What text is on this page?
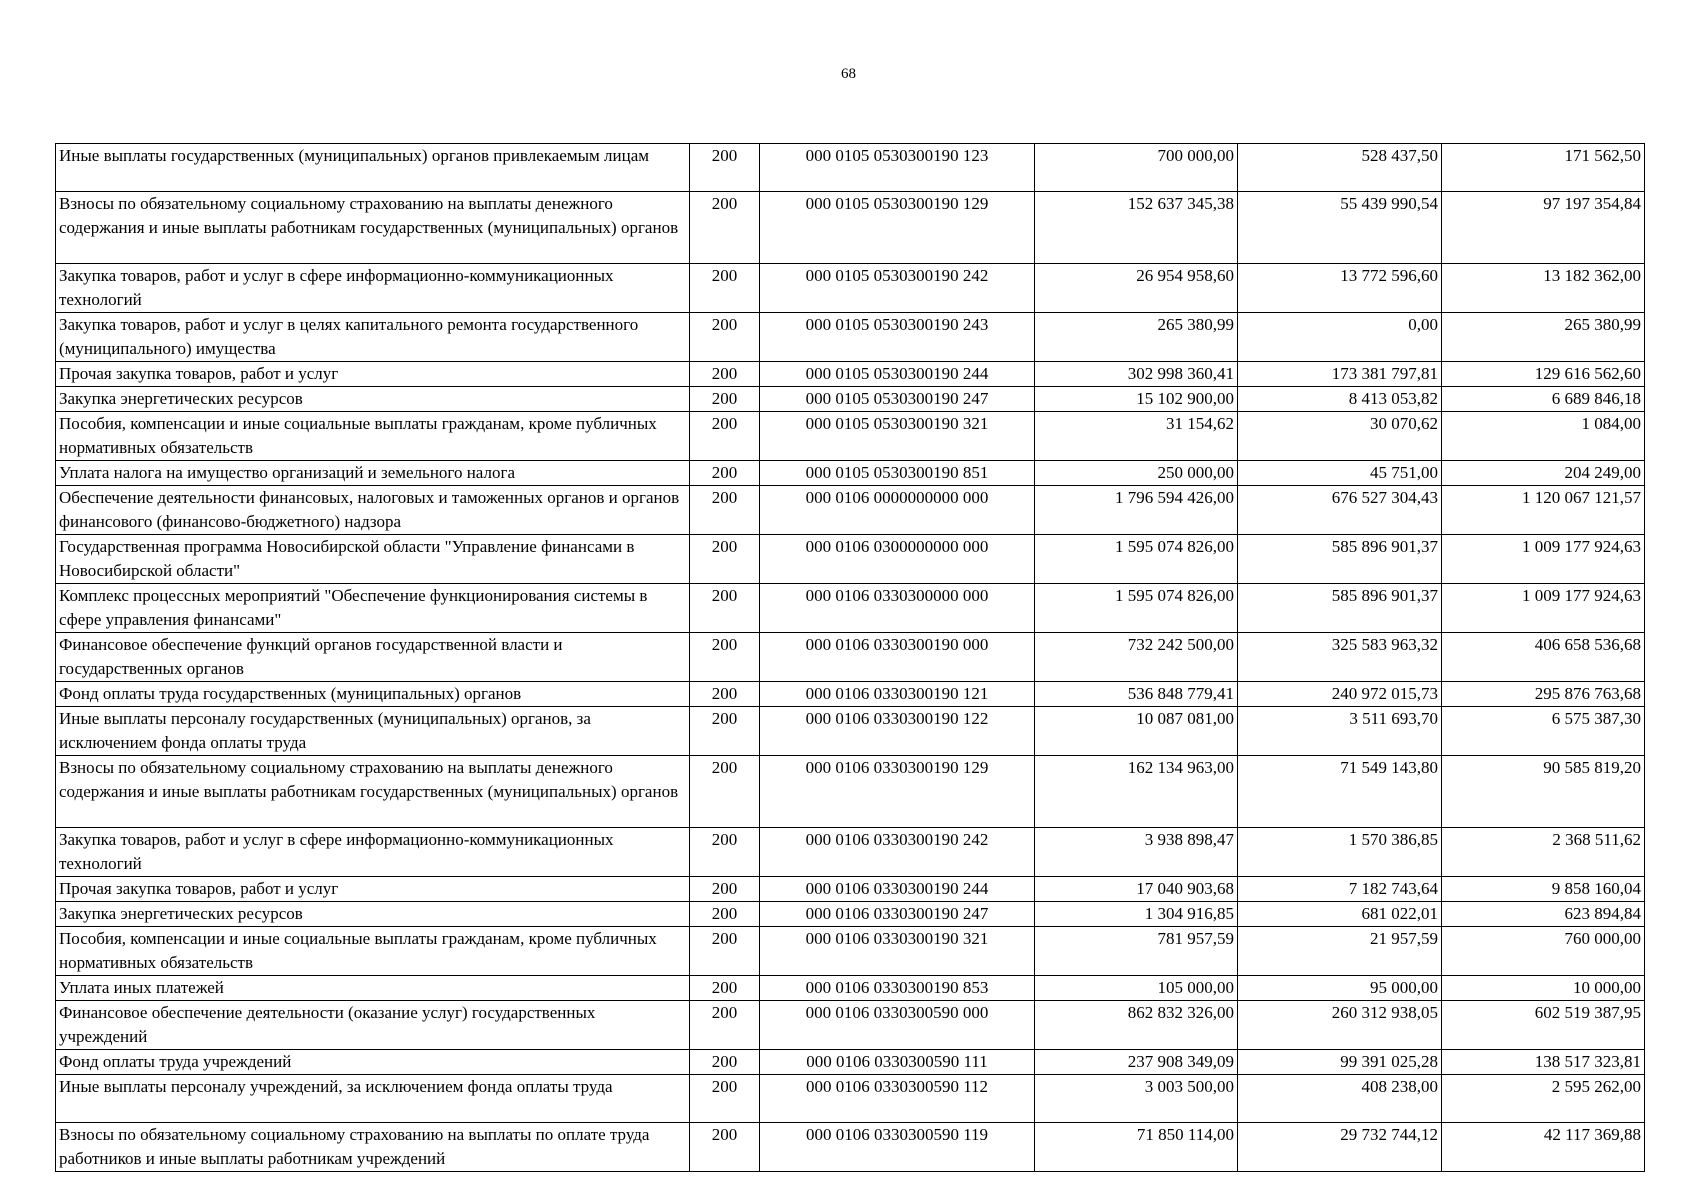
68
Иные выплаты государственных (муниципальных) органов привлекаемым лицам	200	000 0105 0530300190 123	700 000,00	528 437,50	171 562,50
Взносы по обязательному социальному страхованию на выплаты денежного содержания и иные выплаты работникам государственных (муниципальных) органов	200	000 0105 0530300190 129	152 637 345,38	55 439 990,54	97 197 354,84
Закупка товаров, работ и услуг в сфере информационно-коммуникационных технологий	200	000 0105 0530300190 242	26 954 958,60	13 772 596,60	13 182 362,00
Закупка товаров, работ и услуг в целях капитального ремонта государственного (муниципального) имущества	200	000 0105 0530300190 243	265 380,99	0,00	265 380,99
Прочая закупка товаров, работ и услуг	200	000 0105 0530300190 244	302 998 360,41	173 381 797,81	129 616 562,60
Закупка энергетических ресурсов	200	000 0105 0530300190 247	15 102 900,00	8 413 053,82	6 689 846,18
Пособия, компенсации и иные социальные выплаты гражданам, кроме публичных нормативных обязательств	200	000 0105 0530300190 321	31 154,62	30 070,62	1 084,00
Уплата налога на имущество организаций и земельного налога	200	000 0105 0530300190 851	250 000,00	45 751,00	204 249,00
Обеспечение деятельности финансовых, налоговых и таможенных органов и органов финансового (финансово-бюджетного) надзора	200	000 0106 0000000000 000	1 796 594 426,00	676 527 304,43	1 120 067 121,57
Государственная программа Новосибирской области "Управление финансами в Новосибирской области"	200	000 0106 0300000000 000	1 595 074 826,00	585 896 901,37	1 009 177 924,63
Комплекс процессных мероприятий "Обеспечение функционирования системы в сфере управления финансами"	200	000 0106 0330300000 000	1 595 074 826,00	585 896 901,37	1 009 177 924,63
Финансовое обеспечение функций органов государственной власти и государственных органов	200	000 0106 0330300190 000	732 242 500,00	325 583 963,32	406 658 536,68
Фонд оплаты труда государственных (муниципальных) органов	200	000 0106 0330300190 121	536 848 779,41	240 972 015,73	295 876 763,68
Иные выплаты персоналу государственных (муниципальных) органов, за исключением фонда оплаты труда	200	000 0106 0330300190 122	10 087 081,00	3 511 693,70	6 575 387,30
Взносы по обязательному социальному страхованию на выплаты денежного содержания и иные выплаты работникам государственных (муниципальных) органов	200	000 0106 0330300190 129	162 134 963,00	71 549 143,80	90 585 819,20
Закупка товаров, работ и услуг в сфере информационно-коммуникационных технологий	200	000 0106 0330300190 242	3 938 898,47	1 570 386,85	2 368 511,62
Прочая закупка товаров, работ и услуг	200	000 0106 0330300190 244	17 040 903,68	7 182 743,64	9 858 160,04
Закупка энергетических ресурсов	200	000 0106 0330300190 247	1 304 916,85	681 022,01	623 894,84
Пособия, компенсации и иные социальные выплаты гражданам, кроме публичных нормативных обязательств	200	000 0106 0330300190 321	781 957,59	21 957,59	760 000,00
Уплата иных платежей	200	000 0106 0330300190 853	105 000,00	95 000,00	10 000,00
Финансовое обеспечение деятельности (оказание услуг) государственных учреждений	200	000 0106 0330300590 000	862 832 326,00	260 312 938,05	602 519 387,95
Фонд оплаты труда учреждений	200	000 0106 0330300590 111	237 908 349,09	99 391 025,28	138 517 323,81
Иные выплаты персоналу учреждений, за исключением фонда оплаты труда	200	000 0106 0330300590 112	3 003 500,00	408 238,00	2 595 262,00
Взносы по обязательному социальному страхованию на выплаты по оплате труда работников и иные выплаты работникам учреждений	200	000 0106 0330300590 119	71 850 114,00	29 732 744,12	42 117 369,88
